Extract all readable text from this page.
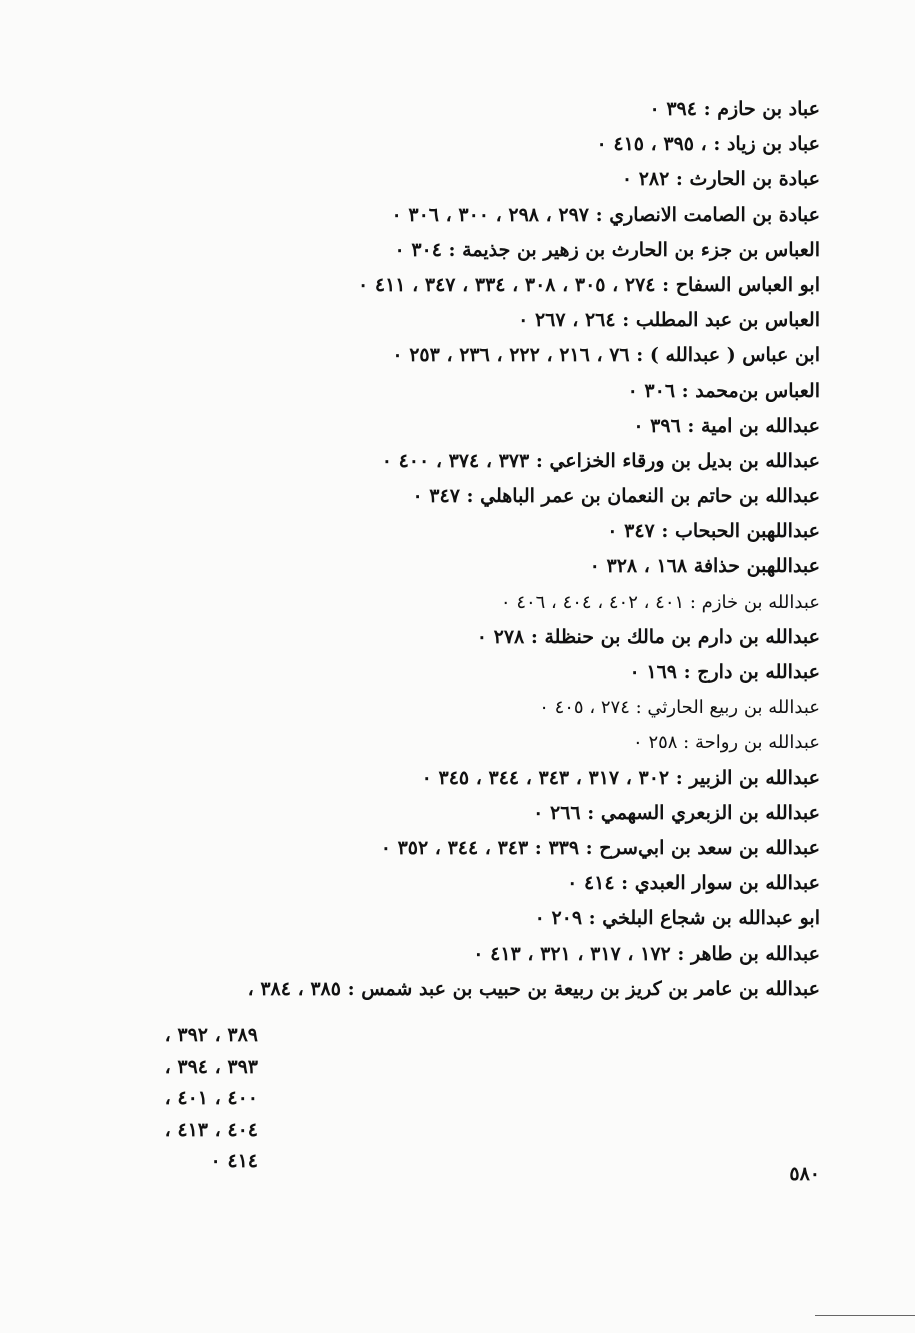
عباد بن حازم : ٣٩٤ ٠
عباد بن زياد : ، ٣٩٥ ، ٤١٥ ٠
عبادة بن الحارث : ٢٨٢ ٠
عبادة بن الصامت الانصاري : ٢٩٧ ، ٢٩٨ ، ٣٠٠ ، ٣٠٦ ٠
العباس بن جزء بن الحارث بن زهير بن جذيمة : ٣٠٤ ٠
ابو العباس السفاح : ٢٧٤ ، ٣٠٥ ، ٣٠٨ ، ٣٣٤ ، ٣٤٧ ، ٤١١ ٠
العباس بن عبد المطلب : ٢٦٤ ، ٢٦٧ ٠
ابن عباس ( عبدالله ) : ٧٦ ، ٢١٦ ، ٢٢٢ ، ٢٣٦ ، ٢٥٣ ٠
العباس بن‌محمد : ٣٠٦ ٠
عبدالله بن امية : ٣٩٦ ٠
عبدالله بن بديل بن ورقاء الخزاعي : ٣٧٣ ، ٣٧٤ ، ٤٠٠ ٠
عبدالله بن حاتم بن النعمان بن عمر الباهلي : ٣٤٧ ٠
عبداللهبن الحبحاب : ٣٤٧ ٠
عبداللهبن حذافة ١٦٨ ، ٣٢٨ ٠
عبدالله بن خازم : ٤٠١ ، ٤٠٢ ، ٤٠٤ ، ٤٠٦ ٠
عبدالله بن دارم بن مالك بن حنظلة : ٢٧٨ ٠
عبدالله بن دارج : ١٦٩ ٠
عبدالله بن ربيع الحارثي : ٢٧٤ ، ٤٠٥ ٠
عبدالله بن رواحة : ٢٥٨ ٠
عبدالله بن الزبير : ٣٠٢ ، ٣١٧ ، ٣٤٣ ، ٣٤٤ ، ٣٤٥ ٠
عبدالله بن الزبعري السهمي : ٢٦٦ ٠
عبدالله بن سعد بن ابي‌سرح : ٣٣٩ : ٣٤٣ ، ٣٤٤ ، ٣٥٢ ٠
عبدالله بن سوار العبدي : ٤١٤ ٠
ابو عبدالله بن شجاع البلخي : ٢٠٩ ٠
عبدالله بن طاهر : ١٧٢ ، ٣١٧ ، ٣٢١ ، ٤١٣ ٠
عبدالله بن عامر بن كريز بن ربيعة بن حبيب بن عبد شمس : ٣٨٥ ، ٣٨٤ ،
٣٨٩ ، ٣٩٢ ،
٣٩٣ ، ٣٩٤ ،
٤٠٠ ، ٤٠١ ،
٤٠٤ ، ٤١٣ ،
٤١٤ ٠
٥٨٠
